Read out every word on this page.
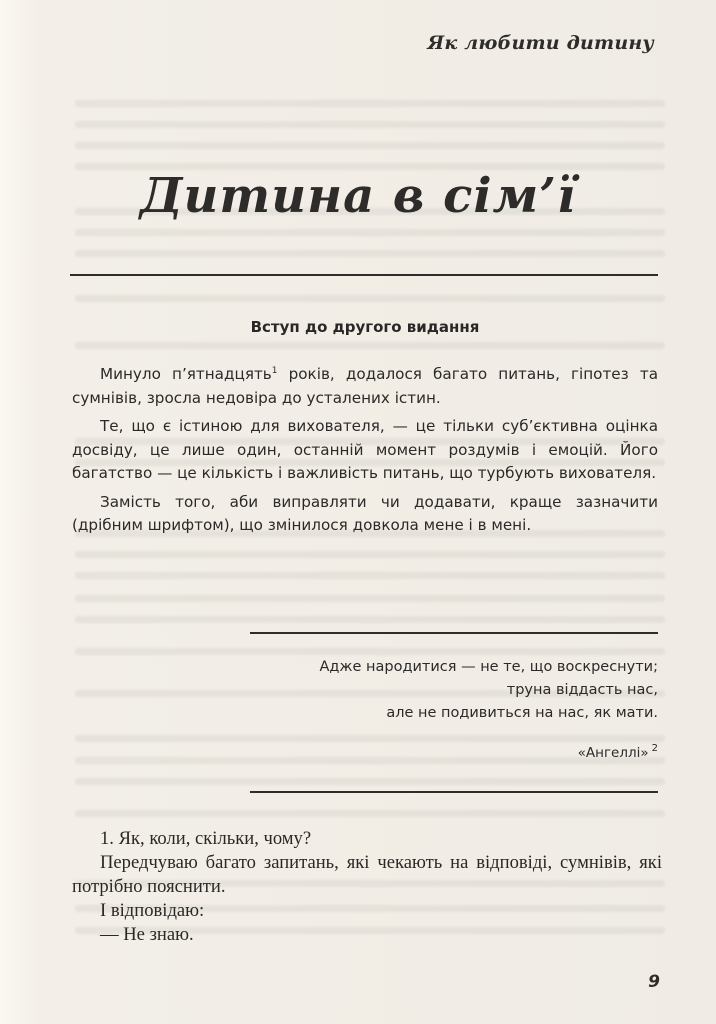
Як любити дитину
Дитина в сім’ї
Вступ до другого видання

Минуло п’ятнадцять$^1$ років, додалося багато питань, гіпотез та сумнівів, зросла недовіра до усталених істин.

Те, що є істиною для вихователя, — це тільки суб’єктивна оцінка досвіду, це лише один, останній момент роздумів і емоцій. Його багатство — це кількість і важливість питань, що турбують вихователя.

Замість того, аби виправляти чи додавати, краще зазначити (дрібним шрифтом), що змінилося довкола мене і в мені.

Адже народитися — не те, що воскреснути;
труна віддасть нас,
але не подивиться на нас, як мати.
«Ангеллі» $^2$

1. Як, коли, скільки, чому?

Передчуваю багато запитань, які чекають на відповіді, сумнівів, які потрібно пояснити.

І відповідаю:

— Не знаю.

9
